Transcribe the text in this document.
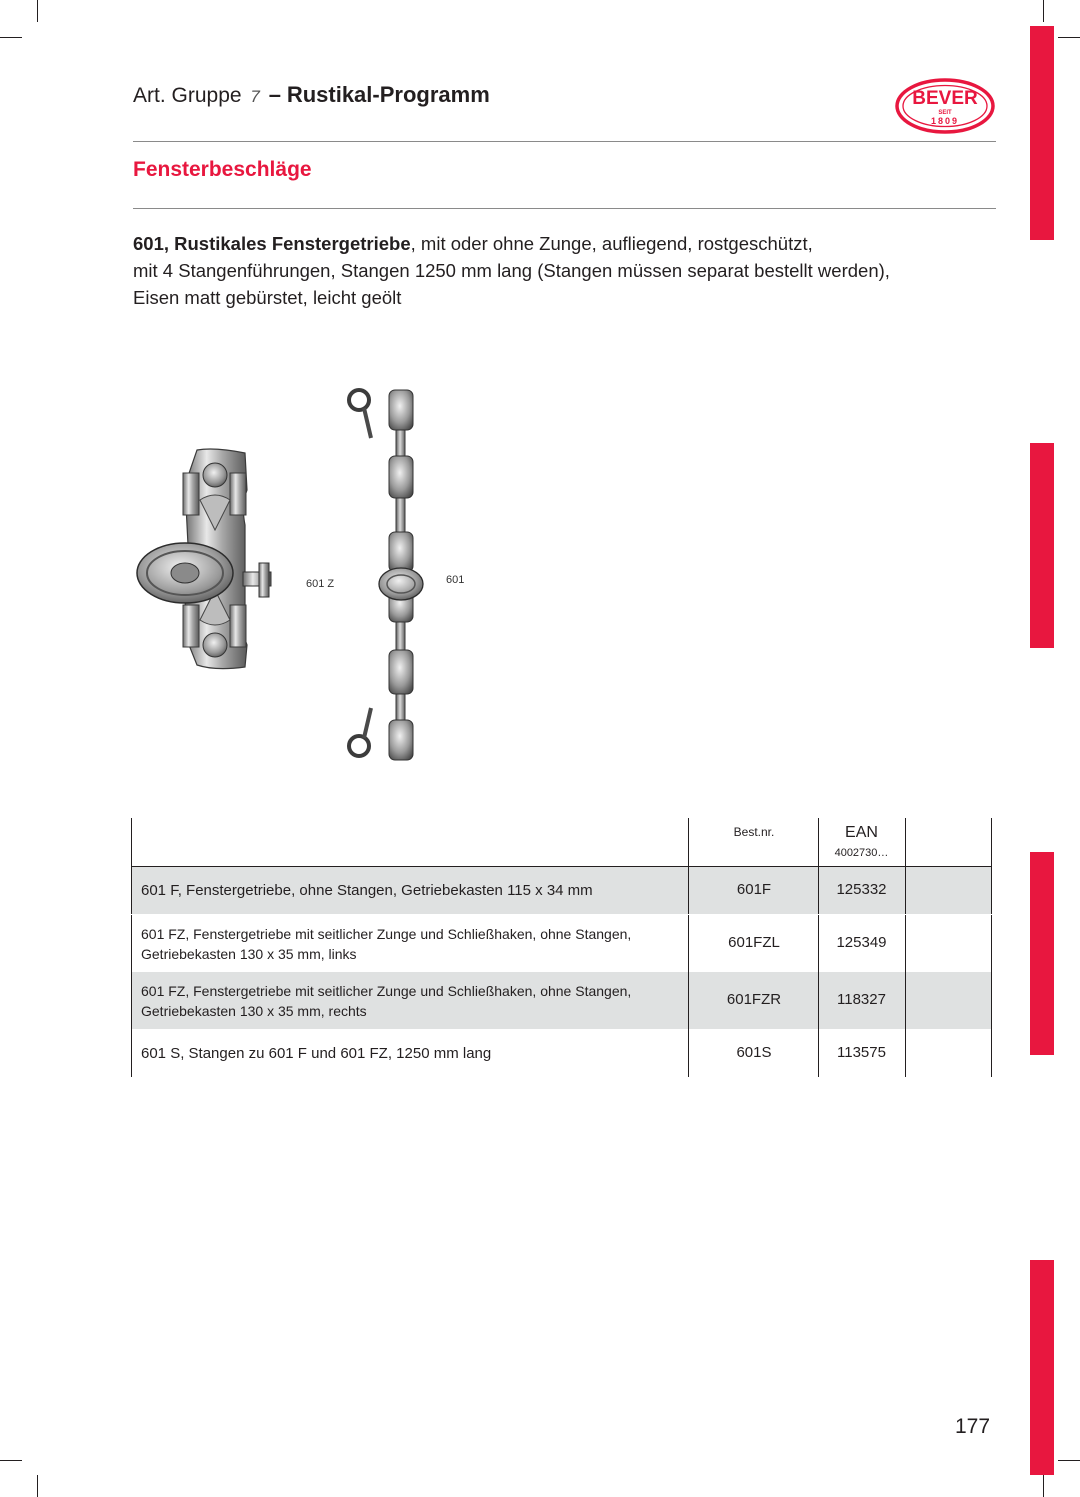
Art. Gruppe 7 – Rustikal-Programm	BEVER
SEIT
1809
Fensterbeschläge
601, Rustikales Fenstergetriebe, mit oder ohne Zunge, aufliegend, rostgeschützt,
mit 4 Stangenführungen, Stangen 1250 mm lang (Stangen müssen separat bestellt werden),
Eisen matt gebürstet, leicht geölt
601 Z	601
Best.nr.	EAN
4002730…
601 F, Fenstergetriebe, ohne Stangen, Getriebekasten 115 x 34 mm	601F	125332
601 FZ, Fenstergetriebe mit seitlicher Zunge und Schließhaken, ohne Stangen,
Getriebekasten 130 x 35 mm, links
601FZL	125349
601 FZ, Fenstergetriebe mit seitlicher Zunge und Schließhaken, ohne Stangen,
Getriebekasten 130 x 35 mm, rechts
601FZR	118327
601 S, Stangen zu 601 F und 601 FZ, 1250 mm lang	601S	113575
177
